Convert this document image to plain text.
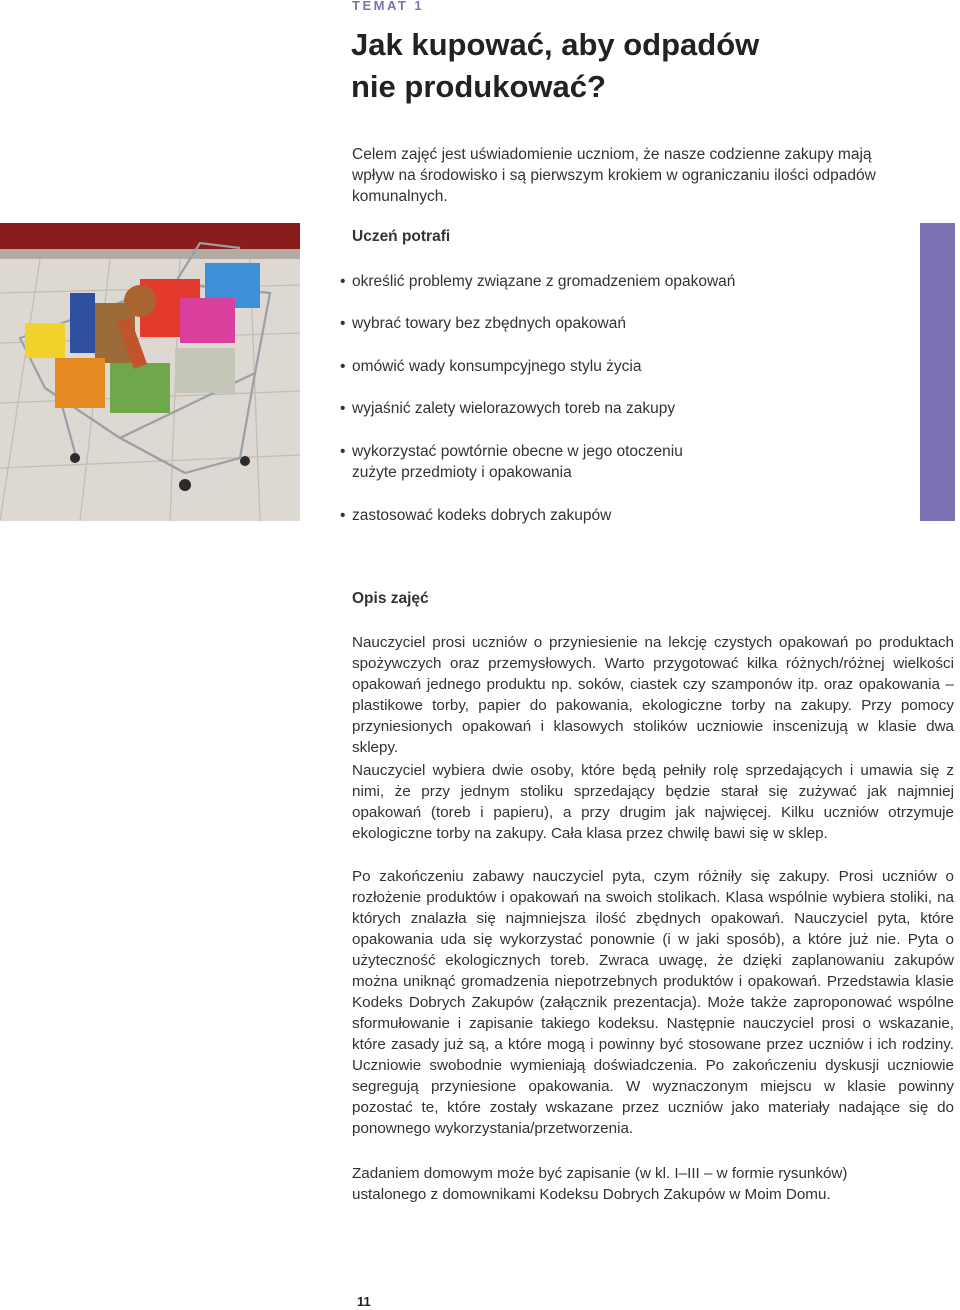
TEMAT 1
Jak kupować, aby odpadów
nie produkować?

Celem zajęć jest uświadomienie uczniom, że nasze codzienne zakupy mają wpływ na środowisko i są pierwszym krokiem w ograniczaniu ilości odpadów komunalnych.

Uczeń potrafi
• określić problemy związane z gromadzeniem opakowań
• wybrać towary bez zbędnych opakowań
• omówić wady konsumpcyjnego stylu życia
• wyjaśnić zalety wielorazowych toreb na zakupy
• wykorzystać powtórnie obecne w jego otoczeniu zużyte przedmioty i opakowania
• zastosować kodeks dobrych zakupów
Opis zajęć

Nauczyciel prosi uczniów o przyniesienie na lekcję czystych opakowań po produktach spożywczych oraz przemysłowych. Warto przygotować kilka różnych/różnej wielkości opakowań jednego produktu np. soków, ciastek czy szamponów itp. oraz opakowania –plastikowe torby, papier do pakowania, ekologiczne torby na zakupy. Przy pomocy przyniesionych opakowań i klasowych stolików uczniowie inscenizują w klasie dwa sklepy.

Nauczyciel wybiera dwie osoby, które będą pełniły rolę sprzedających i umawia się z nimi, że przy jednym stoliku sprzedający będzie starał się zużywać jak najmniej opakowań (toreb i papieru), a przy drugim jak najwięcej. Kilku uczniów otrzymuje ekologiczne torby na zakupy. Cała klasa przez chwilę bawi się w sklep.

Po zakończeniu zabawy nauczyciel pyta, czym różniły się zakupy. Prosi uczniów o rozłożenie produktów i opakowań na swoich stolikach. Klasa wspólnie wybiera stoliki, na których znalazła się najmniejsza ilość zbędnych opakowań. Nauczyciel pyta, które opakowania uda się wykorzystać ponownie (i w jaki sposób), a które już nie. Pyta o użyteczność ekologicznych toreb. Zwraca uwagę, że dzięki zaplanowaniu zakupów można uniknąć gromadzenia niepotrzebnych produktów i opakowań. Przedstawia klasie Kodeks Dobrych Zakupów (załącznik prezentacja). Może także zaproponować wspólne sformułowanie i zapisanie takiego kodeksu. Następnie nauczyciel prosi o wskazanie, które zasady już są, a które mogą i powinny być stosowane przez uczniów i ich rodziny. Uczniowie swobodnie wymieniają doświadczenia. Po zakończeniu dyskusji uczniowie segregują przyniesione opakowania. W wyznaczonym miejscu w klasie powinny pozostać te, które zostały wskazane przez uczniów jako materiały nadające się do ponownego wykorzystania/przetworzenia.

Zadaniem domowym może być zapisanie (w kl. I–III – w formie rysunków) ustalonego z domownikami Kodeksu Dobrych Zakupów w Moim Domu.

11
